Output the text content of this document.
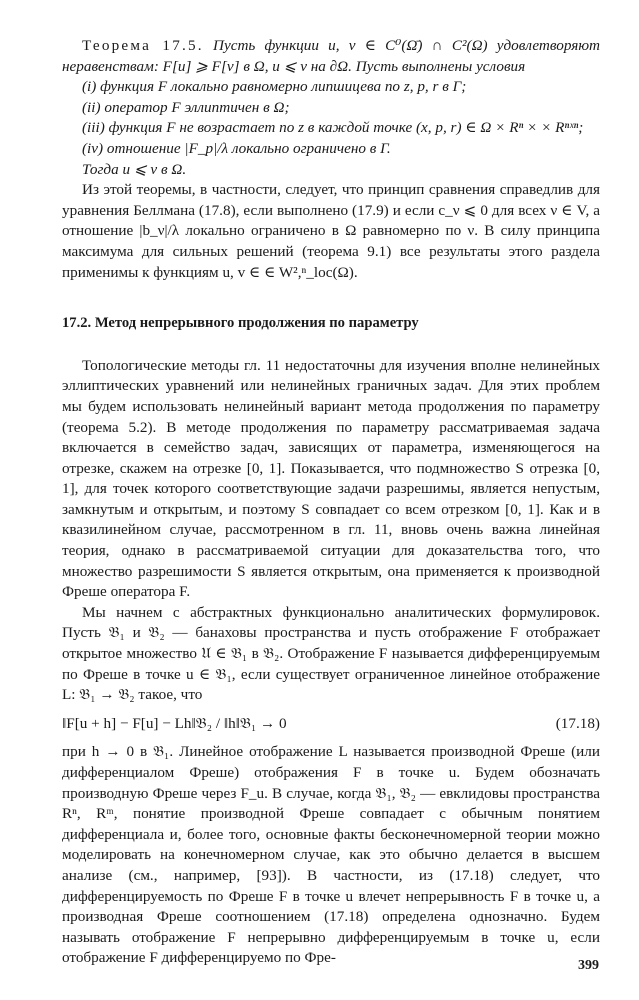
Теорема 17.5. Пусть функции u, v ∈ C⁰(Ω̄) ∩ C²(Ω) удовлетворяют неравенствам: F[u] ⩾ F[v] в Ω, u ⩽ v на ∂Ω. Пусть выполнены условия

(i) функция F локально равномерно липшицева по z, p, r в Γ;

(ii) оператор F эллиптичен в Ω;

(iii) функция F не возрастает по z в каждой точке (x, p, r) ∈ Ω × Rⁿ × × Rⁿˣⁿ;

(iv) отношение |F_p|/λ локально ограничено в Γ.

Тогда u ⩽ v в Ω.

Из этой теоремы, в частности, следует, что принцип сравнения справедлив для уравнения Беллмана (17.8), если выполнено (17.9) и если c_ν ⩽ 0 для всех ν ∈ V, а отношение |b_ν|/λ локально ограничено в Ω равномерно по ν. В силу принципа максимума для сильных решений (теорема 9.1) все результаты этого раздела применимы к функциям u, v ∈ ∈ W²,ⁿ_loc(Ω).

17.2. Метод непрерывного продолжения по параметру

Топологические методы гл. 11 недостаточны для изучения вполне нелинейных эллиптических уравнений или нелинейных граничных задач. Для этих проблем мы будем использовать нелинейный вариант метода продолжения по параметру (теорема 5.2). В методе продолжения по параметру рассматриваемая задача включается в семейство задач, зависящих от параметра, изменяющегося на отрезке, скажем на отрезке [0, 1]. Показывается, что подмножество S отрезка [0, 1], для точек которого соответствующие задачи разрешимы, является непустым, замкнутым и открытым, и поэтому S совпадает со всем отрезком [0, 1]. Как и в квазилинейном случае, рассмотренном в гл. 11, вновь очень важна линейная теория, однако в рассматриваемой ситуации для доказательства того, что множество разрешимости S является открытым, она применяется к производной Фреше оператора F.

Мы начнем с абстрактных функционально аналитических формулировок. Пусть 𝔅₁ и 𝔅₂ — банаховы пространства и пусть отображение F отображает открытое множество 𝔘 ∈ 𝔅₁ в 𝔅₂. Отображение F называется дифференцируемым по Фреше в точке u ∈ 𝔅₁, если существует ограниченное линейное отображение L: 𝔅₁ → 𝔅₂ такое, что

‖F[u + h] − F[u] − Lh‖𝔅₂ / ‖h‖𝔅₁ → 0	(17.18)

при h → 0 в 𝔅₁. Линейное отображение L называется производной Фреше (или дифференциалом Фреше) отображения F в точке u. Будем обозначать производную Фреше через F_u. В случае, когда 𝔅₁, 𝔅₂ — евклидовы пространства Rⁿ, Rᵐ, понятие производной Фреше совпадает с обычным понятием дифференциала и, более того, основные факты бесконечномерной теории можно моделировать на конечномерном случае, как это обычно делается в высшем анализе (см., например, [93]). В частности, из (17.18) следует, что дифференцируемость по Фреше F в точке u влечет непрерывность F в точке u, а производная Фреше соотношением (17.18) определена однозначно. Будем называть отображение F непрерывно дифференцируемым в точке u, если отображение F дифференцируемо по Фре-	399
